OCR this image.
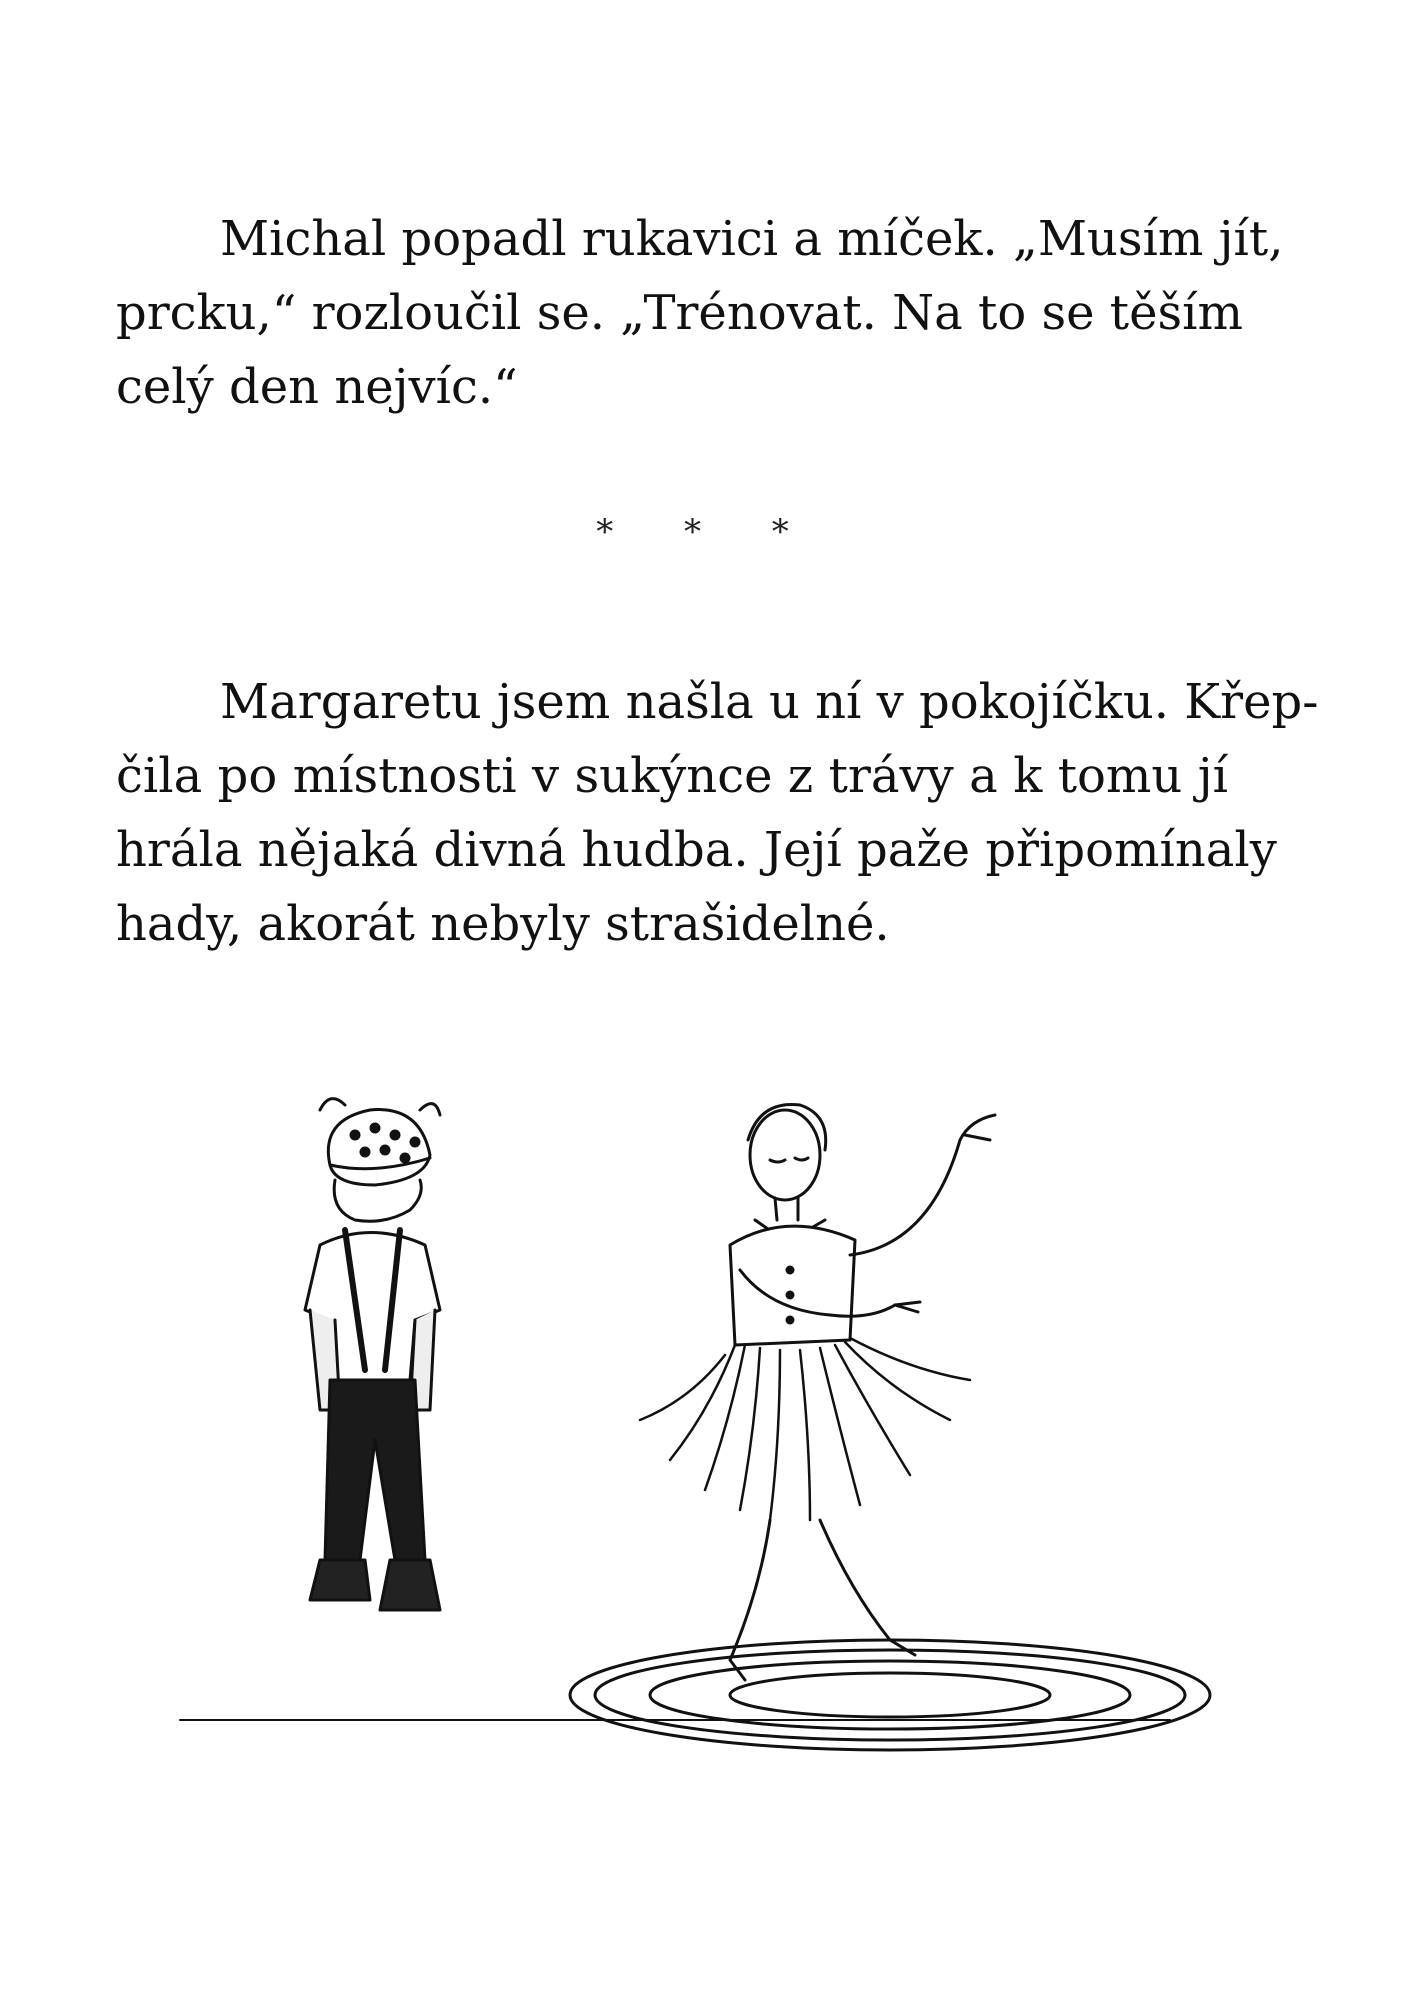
Michal popadl rukavici a míček. „Musím jít,
prcku,“ rozloučil se. „Trénovat. Na to se těším
celý den nejvíc.“
* * *
Margaretu jsem našla u ní v pokojíčku. Křep-
čila po místnosti v sukýnce z trávy a k tomu jí
hrála nějaká divná hudba. Její paže připomínaly
hady, akorát nebyly strašidelné.
